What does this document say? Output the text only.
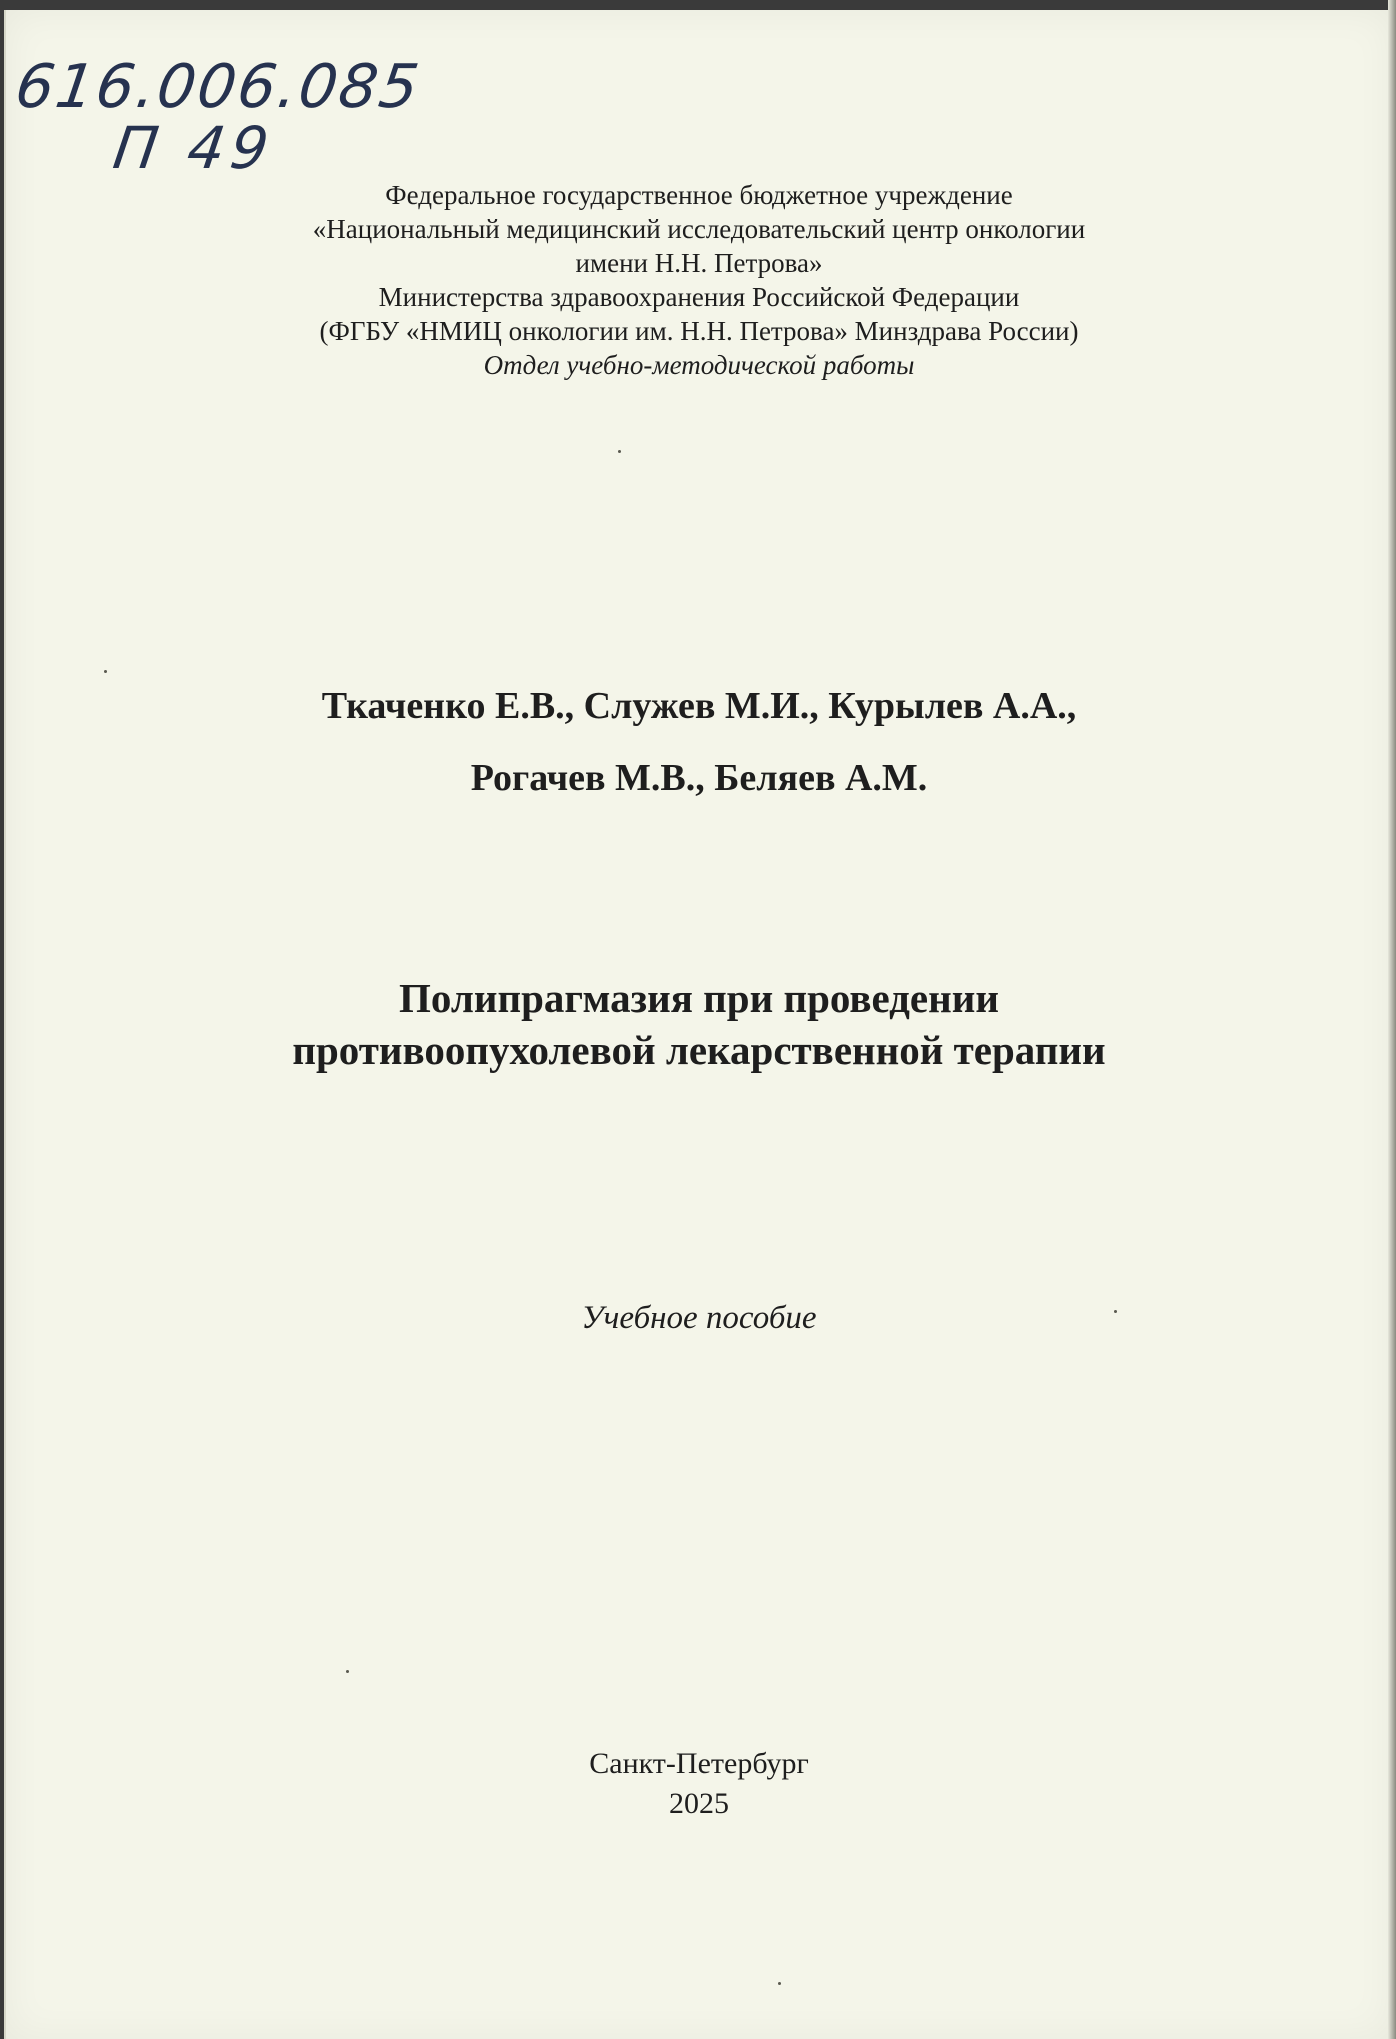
616.006.085
П 49
Федеральное государственное бюджетное учреждение
«Национальный медицинский исследовательский центр онкологии
имени Н.Н. Петрова»
Министерства здравоохранения Российской Федерации
(ФГБУ «НМИЦ онкологии им. Н.Н. Петрова» Минздрава России)
Отдел учебно-методической работы
Ткаченко Е.В., Служев М.И., Курылев А.А.,
Рогачев М.В., Беляев А.М.
Полипрагмазия при проведении
противоопухолевой лекарственной терапии
Учебное пособие
Санкт-Петербург
2025
